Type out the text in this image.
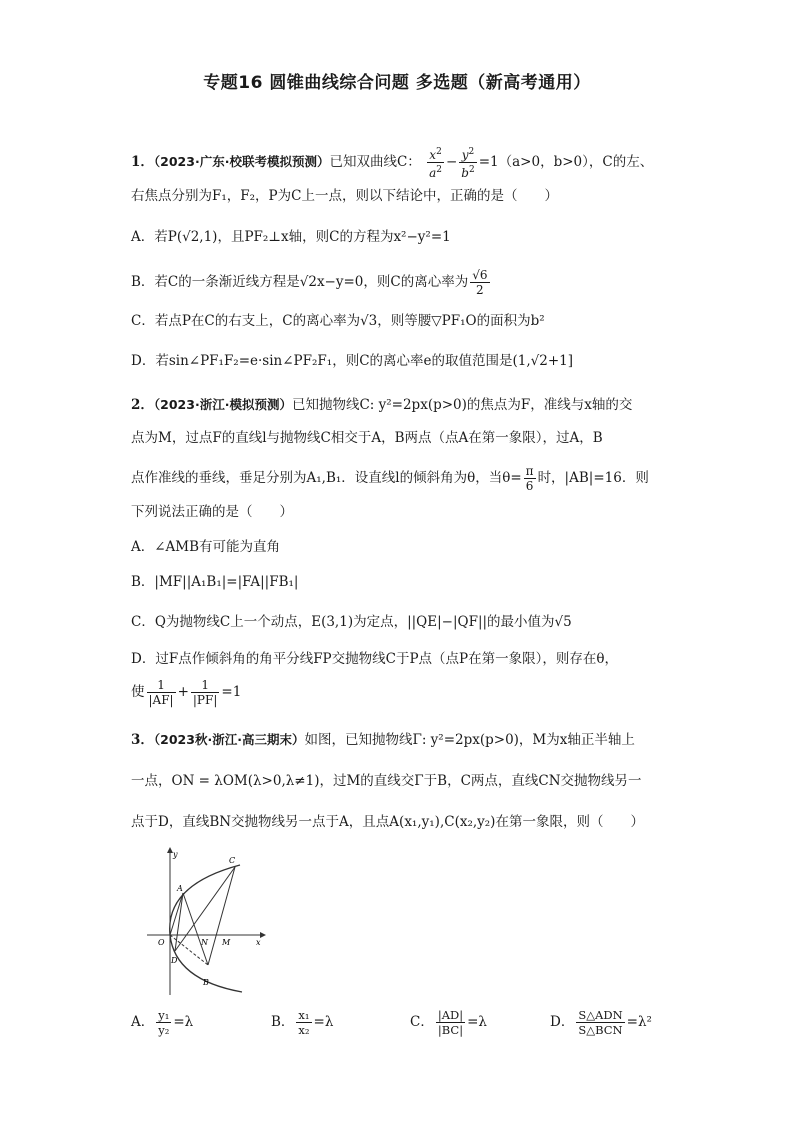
专题16 圆锥曲线综合问题 多选题（新高考通用）
1．（2023·广东·校联考模拟预测）已知双曲线C： $\frac{x^2}{a^2} - \frac{y^2}{b^2} =1(a>0$，b>0），C的左、
右焦点分别为F₁，F₂，P为C上一点，则以下结论中，正确的是（　　）
A．若P(√2,1)，且PF₂⊥x轴，则C的方程为x²−y²=1
B．若C的一条渐近线方程是√2x−y=0，则C的离心率为 $\frac{√6}{2}$
C．若点P在C的右支上，C的离心率为√3，则等腰▽PF₁O的面积为b²
D．若sin∠PF₁F₂=e·sin∠PF₂F₁，则C的离心率e的取值范围是(1,√2+1]
2．（2023·浙江·模拟预测）已知抛物线C: y²=2px(p>0)的焦点为F，准线与x轴的交
点为M，过点F的直线l与抛物线C相交于A，B两点（点A在第一象限），过A，B
点作准线的垂线，垂足分别为A₁,B₁．设直线l的倾斜角为θ，当$\theta= \frac{\pi}{6}$ 时，|AB|=16．则
下列说法正确的是（　　）
A．∠AMB有可能为直角
B．|MF||A₁B₁|=|FA||FB₁|
C．Q为抛物线C上一个动点，E(3,1)为定点，||QE|−|QF||的最小值为√5
D．过F点作倾斜角的角平分线FP交抛物线C于P点（点P在第一象限），则存在θ，
使 $\frac{1}{|AF|} + \frac{1}{|PF|} =1$
3．（2023秋·浙江·高三期末）如图，已知抛物线Γ: y²=2px(p>0)，M为x轴正半轴上
一点，ON = λOM(λ>0,λ≠1)，过M的直线交Γ于B，C两点，直线CN交抛物线另一
点于D，直线BN交抛物线另一点于A，且点A(x₁,y₁),C(x₂,y₂)在第一象限，则（　　）
y
x
O
A
C
N M
D
B
A． $\frac{\text{y₁}}{\text{y₂}} =\lambda$	B． $\frac{\text{x₁}}{\text{x₂}} =\lambda$	C． $\frac{|AD|}{|BC|} =\lambda$	D． $\frac{\text{S△ADN}}{\text{S△BCN}} =\lambda^2$
